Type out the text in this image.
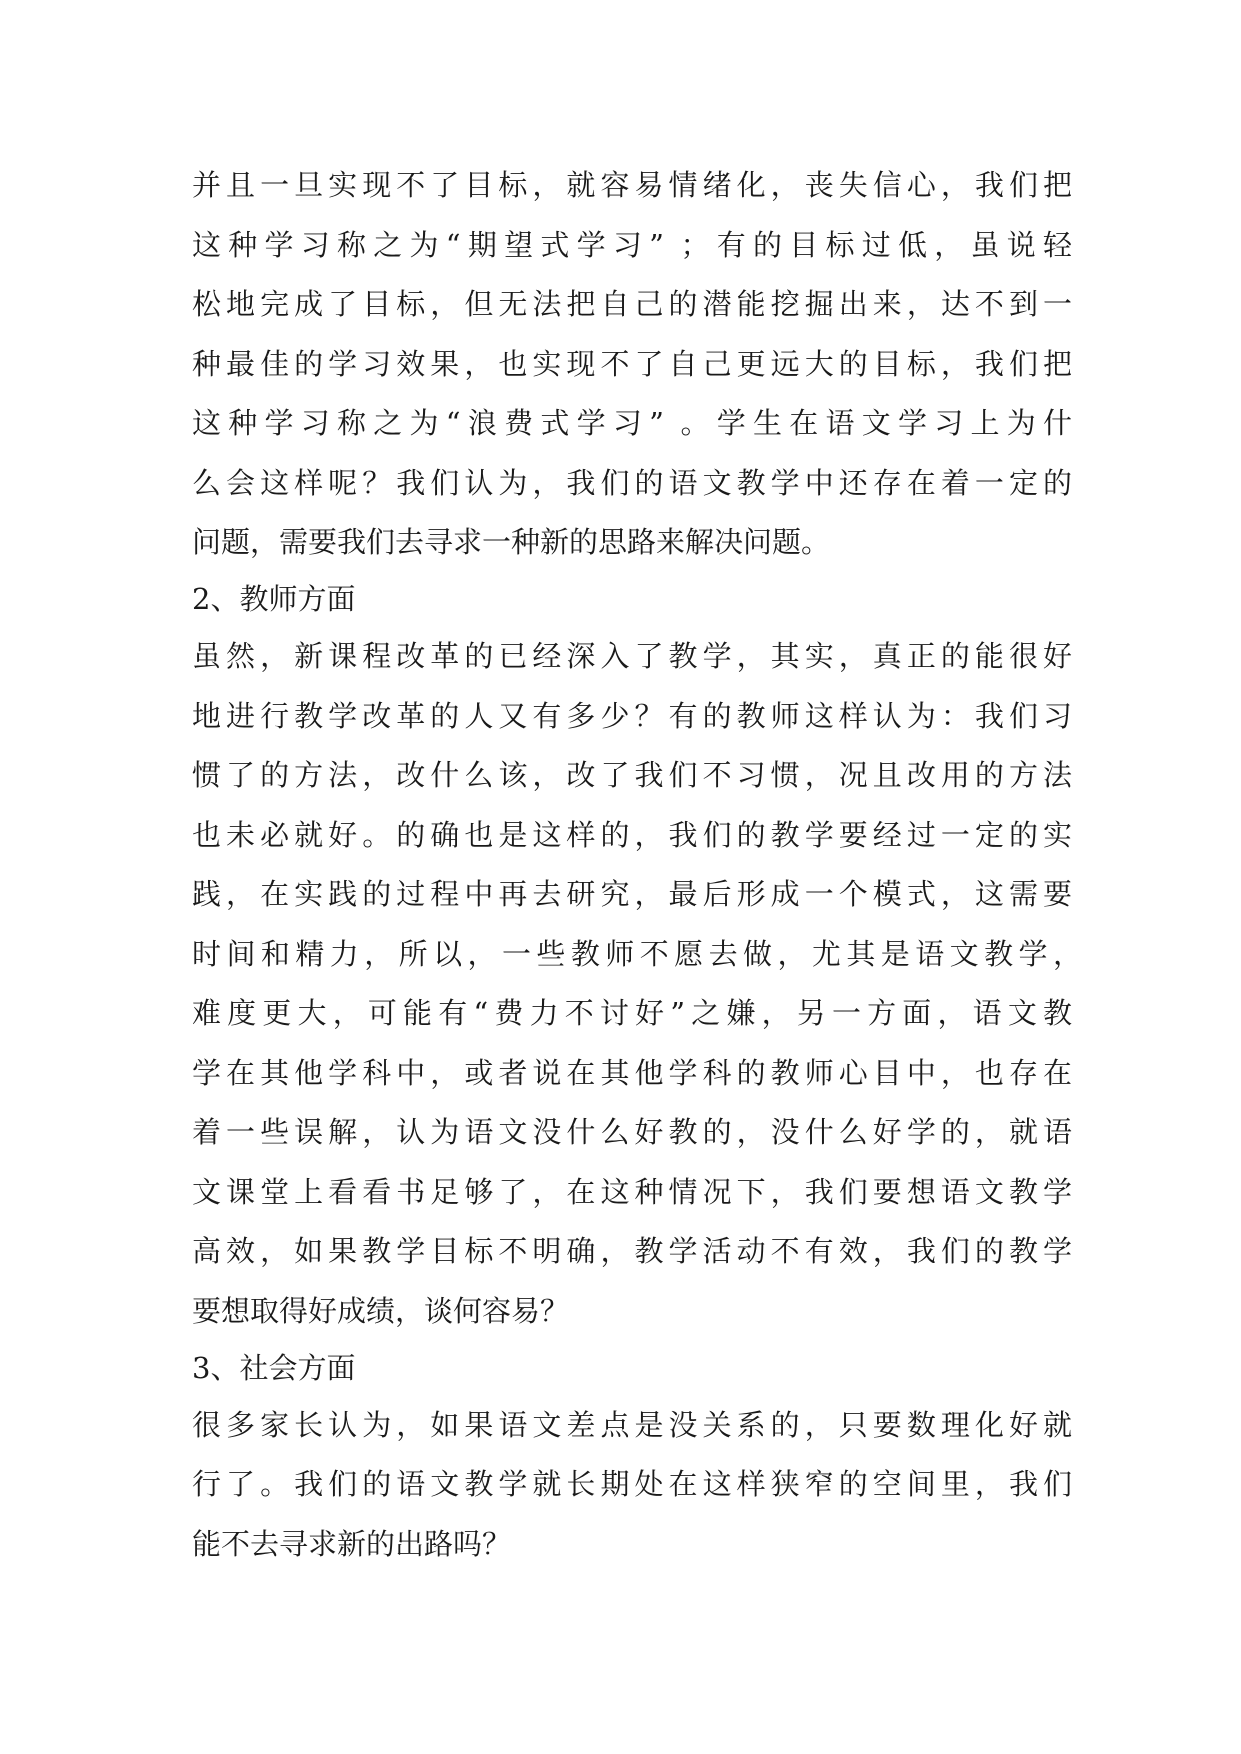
并且一旦实现不了目标，就容易情绪化，丧失信心，我们把
这种学习称之为“期望式学习” ；有的目标过低，虽说轻
松地完成了目标，但无法把自己的潜能挖掘出来，达不到一
种最佳的学习效果，也实现不了自己更远大的目标，我们把
这种学习称之为“浪费式学习” 。学生在语文学习上为什
么会这样呢？我们认为，我们的语文教学中还存在着一定的
问题，需要我们去寻求一种新的思路来解决问题。
2、教师方面
虽然，新课程改革的已经深入了教学，其实，真正的能很好
地进行教学改革的人又有多少？有的教师这样认为：我们习
惯了的方法，改什么该，改了我们不习惯，况且改用的方法
也未必就好。的确也是这样的，我们的教学要经过一定的实
践，在实践的过程中再去研究，最后形成一个模式，这需要
时间和精力，所以，一些教师不愿去做，尤其是语文教学，
难度更大，可能有“费力不讨好”之嫌，另一方面，语文教
学在其他学科中，或者说在其他学科的教师心目中，也存在
着一些误解，认为语文没什么好教的，没什么好学的，就语
文课堂上看看书足够了，在这种情况下，我们要想语文教学
高效，如果教学目标不明确，教学活动不有效，我们的教学
要想取得好成绩，谈何容易？
3、社会方面
很多家长认为，如果语文差点是没关系的，只要数理化好就
行了。我们的语文教学就长期处在这样狭窄的空间里，我们
能不去寻求新的出路吗？
